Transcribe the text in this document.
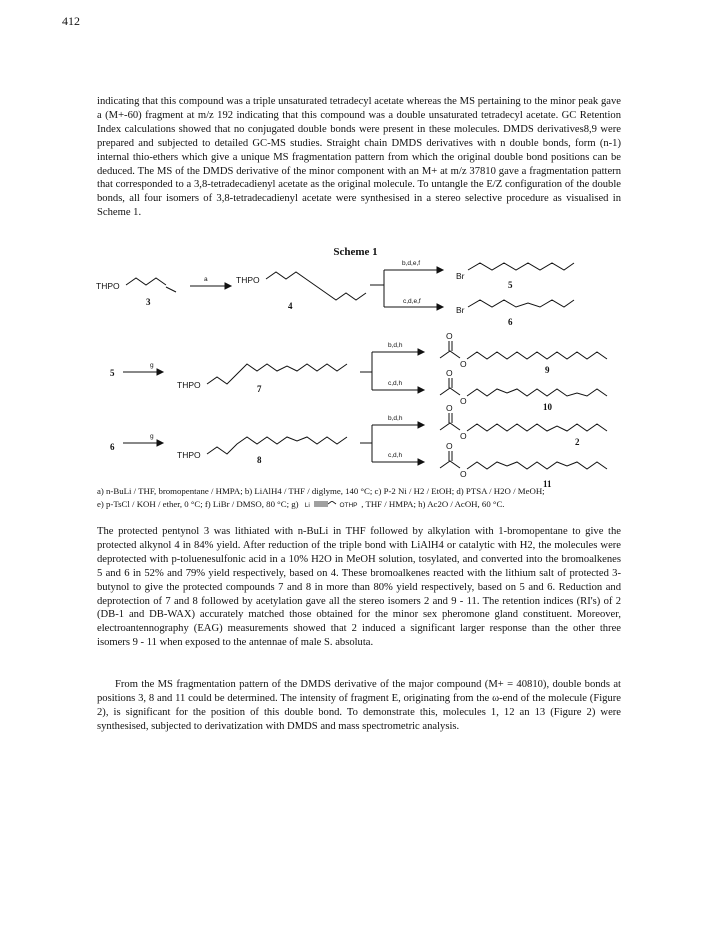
412
indicating that this compound was a triple unsaturated tetradecyl acetate whereas the MS pertaining to the minor peak gave a (M+-60) fragment at m/z 192 indicating that this compound was a double unsaturated tetradecyl acetate. GC Retention Index calculations showed that no conjugated double bonds were present in these molecules. DMDS derivatives8,9 were prepared and subjected to detailed GC-MS studies. Straight chain DMDS derivatives with n double bonds, form (n-1) internal thio-ethers which give a unique MS fragmentation pattern from which the original double bond positions can be deduced. The MS of the DMDS derivative of the minor component with an M+ at m/z 37810 gave a fragmentation pattern that corresponded to a 3,8-tetradecadienyl acetate as the original molecule. To untangle the E/Z configuration of the double bonds, all four isomers of 3,8-tetradecadienyl acetate were synthesised in a stereo selective procedure as visualised in Scheme 1.
Scheme 1
THPO
3
a	THPO
4
b,d,e,f
c,d,e,f
Br
5
Br
6
5
g
THPO	7
b,d,h
c,d,h
O
O
9
O
O
10
6
g
THPO	8
b,d,h
c,d,h
O
O
2
O
O
11
a) n-BuLi / THF, bromopentane / HMPA; b) LiAlH4 / THF / diglyme, 140 °C; c) P-2 Ni / H2 / EtOH; d) PTSA / H2O / MeOH;
e) p-TsCl / KOH / ether, 0 °C; f) LiBr / DMSO, 80 °C; g) Li	OTHP , THF / HMPA; h) Ac2O / AcOH, 60 °C.
The protected pentynol 3 was lithiated with n-BuLi in THF followed by alkylation with 1-bromopentane to give the protected alkynol 4 in 84% yield. After reduction of the triple bond with LiAlH4 or catalytic with H2, the molecules were deprotected with p-toluenesulfonic acid in a 10% H2O in MeOH solution, tosylated, and converted into the bromoalkenes 5 and 6 in 52% and 79% yield respectively, based on 4. These bromoalkenes reacted with the lithium salt of protected 3-butynol to give the protected compounds 7 and 8 in more than 80% yield respectively, based on 5 and 6. Reduction and deprotection of 7 and 8 followed by acetylation gave all the stereo isomers 2 and 9 - 11. The retention indices (RI's) of 2 (DB-1 and DB-WAX) accurately matched those obtained for the minor sex pheromone gland constituent. Moreover, electroantennography (EAG) measurements showed that 2 induced a significant larger response than the other three isomers 9 - 11 when exposed to the antennae of male S. absoluta.
From the MS fragmentation pattern of the DMDS derivative of the major compound (M+ = 40810), double bonds at positions 3, 8 and 11 could be determined. The intensity of fragment E, originating from the ω-end of the molecule (Figure 2), is significant for the position of this double bond. To demonstrate this, molecules 1, 12 an 13 (Figure 2) were synthesised, subjected to derivatization with DMDS and mass spectrometric analysis.
